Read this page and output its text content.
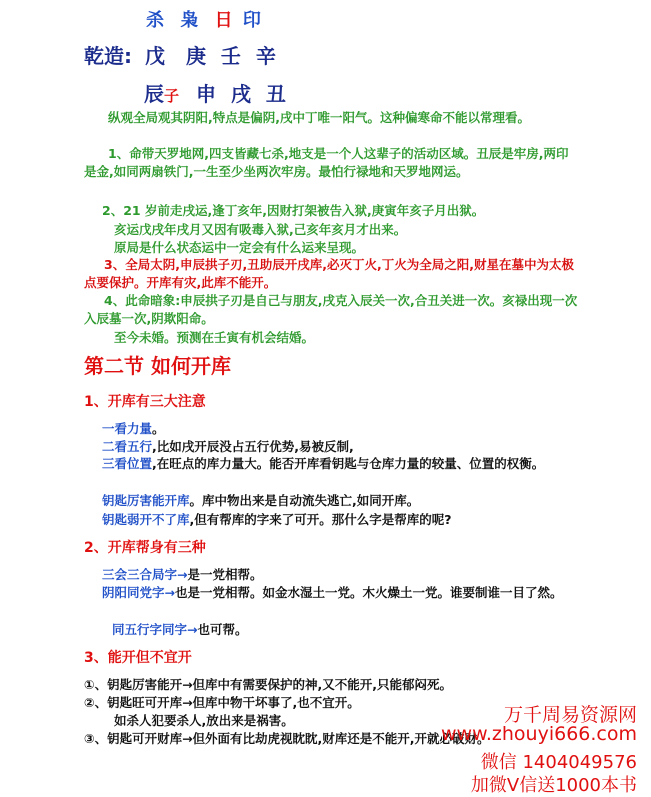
杀 枭 日 印
乾造: 戊 庚 壬 辛
辰子 申 戌 丑
纵观全局观其阴阳,特点是偏阴,戌中丁唯一阳气。这种偏寒命不能以常理看。
1、命带天罗地网,四支皆藏七杀,地支是一个人这辈子的活动区域。丑辰是牢房,两印是金,如同两扇铁门,一生至少坐两次牢房。最怕行禄地和天罗地网运。
2、21 岁前走戌运,逢丁亥年,因财打架被告入狱,庚寅年亥子月出狱。
亥运戊戌年戌月又因有吸毒入狱,己亥年亥月才出来。
原局是什么状态运中一定会有什么运来呈现。
3、全局太阴,申辰拱子刃,丑助辰开戌库,必灭丁火,丁火为全局之阳,财星在墓中为太极点要保护。开库有灾,此库不能开。
4、此命暗象:申辰拱子刃是自己与朋友,戌克入辰关一次,合丑关进一次。亥禄出现一次入辰墓一次,阴欺阳命。
至今未婚。预测在壬寅有机会结婚。
第二节 如何开库
1、开库有三大注意
一看力量。
二看五行,比如戌开辰没占五行优势,易被反制,
三看位置,在旺点的库力量大。能否开库看钥匙与仓库力量的较量、位置的权衡。
钥匙厉害能开库。库中物出来是自动流失逃亡,如同开库。
钥匙弱开不了库,但有帮库的字来了可开。那什么字是帮库的呢?
2、开库帮身有三种
三会三合局字→是一党相帮。
阴阳同党字→也是一党相帮。如金水湿土一党。木火燥土一党。谁要制谁一目了然。
同五行字同字→也可帮。
3、能开但不宜开
①、钥匙厉害能开→但库中有需要保护的神,又不能开,只能郁闷死。
②、钥匙旺可开库→但库中物干坏事了,也不宜开。
如杀人犯要杀人,放出来是祸害。
③、钥匙可开财库→但外面有比劫虎视眈眈,财库还是不能开,开就必破财。
万千周易资源网
www.zhouyi666.com
微信 1404049576
加微V信送1000本书
